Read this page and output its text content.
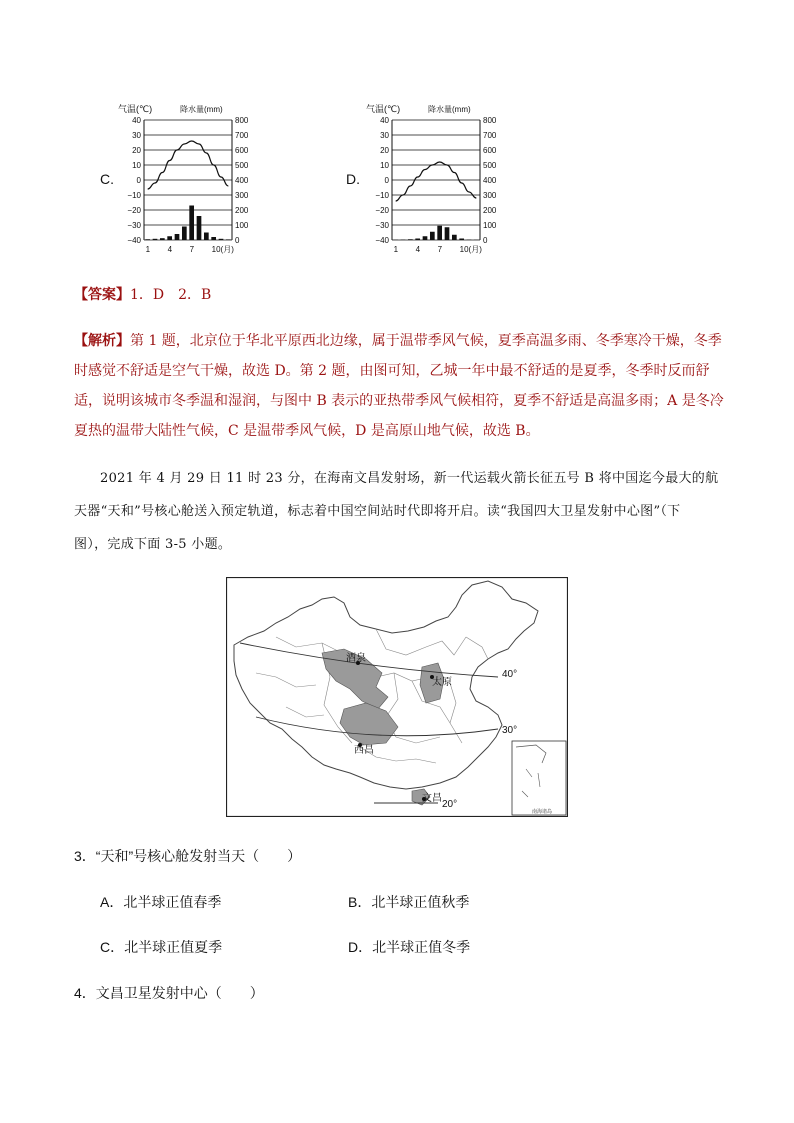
C.
气温(℃)	降水量(mm)
40	800
30	700
20	600
10	500
0	400
−10	300
−20	200
−30	100
−40	0
1 4 7 10(月)
D.
气温(℃)	降水量(mm)
40	800
30	700
20	600
10	500
0	400
−10	300
−20	200
−30	100
−40	0
1 4 7 10(月)
【答案】1．D　2．B
【解析】第 1 题，北京位于华北平原西北边缘，属于温带季风气候，夏季高温多雨、冬季寒冷干燥，冬季
时感觉不舒适是空气干燥，故选 D。第 2 题，由图可知，乙城一年中最不舒适的是夏季，冬季时反而舒
适，说明该城市冬季温和湿润，与图中 B 表示的亚热带季风气候相符，夏季不舒适是高温多雨；A 是冬冷
夏热的温带大陆性气候，C 是温带季风气候，D 是高原山地气候，故选 B。
2021 年 4 月 29 日 11 时 23 分，在海南文昌发射场，新一代运载火箭长征五号 B 将中国迄今最大的航
天器“天和”号核心舱送入预定轨道，标志着中国空间站时代即将开启。读“我国四大卫星发射中心图”（下
图），完成下面 3-5 小题。
酒泉
太原
西昌
文昌
40°
30°
20°
南海诸岛
3．“天和”号核心舱发射当天（　　）
A．北半球正值春季	B．北半球正值秋季
C．北半球正值夏季	D．北半球正值冬季
4．文昌卫星发射中心（　　）
